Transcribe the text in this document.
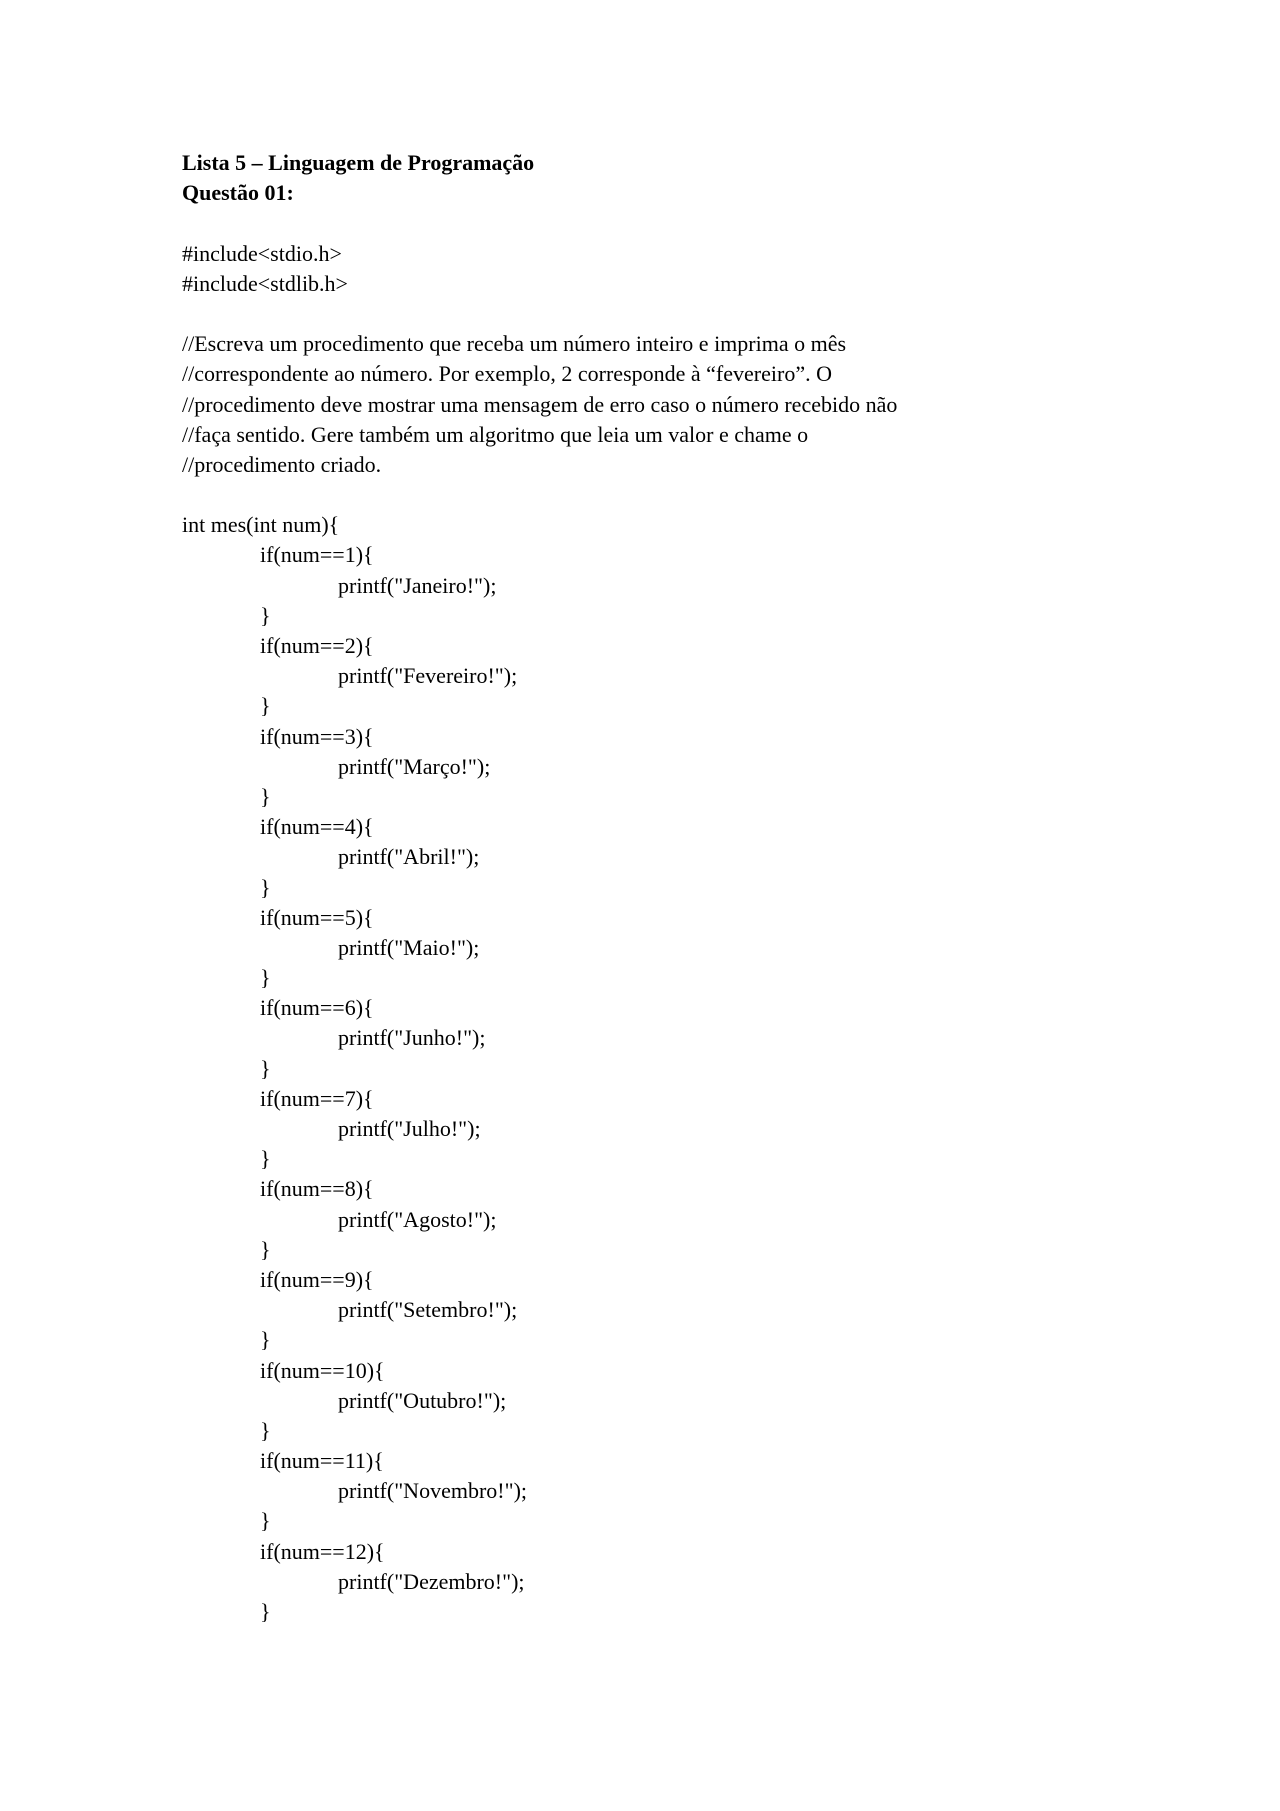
Lista 5 – Linguagem de Programação
Questão 01:
#include<stdio.h>
#include<stdlib.h>
//Escreva um procedimento que receba um número inteiro e imprima o mês
//correspondente ao número. Por exemplo, 2 corresponde à “fevereiro”. O
//procedimento deve mostrar uma mensagem de erro caso o número recebido não
//faça sentido. Gere também um algoritmo que leia um valor e chame o
//procedimento criado.
int mes(int num){
if(num==1){
printf("Janeiro!");
}
if(num==2){
printf("Fevereiro!");
}
if(num==3){
printf("Março!");
}
if(num==4){
printf("Abril!");
}
if(num==5){
printf("Maio!");
}
if(num==6){
printf("Junho!");
}
if(num==7){
printf("Julho!");
}
if(num==8){
printf("Agosto!");
}
if(num==9){
printf("Setembro!");
}
if(num==10){
printf("Outubro!");
}
if(num==11){
printf("Novembro!");
}
if(num==12){
printf("Dezembro!");
}
